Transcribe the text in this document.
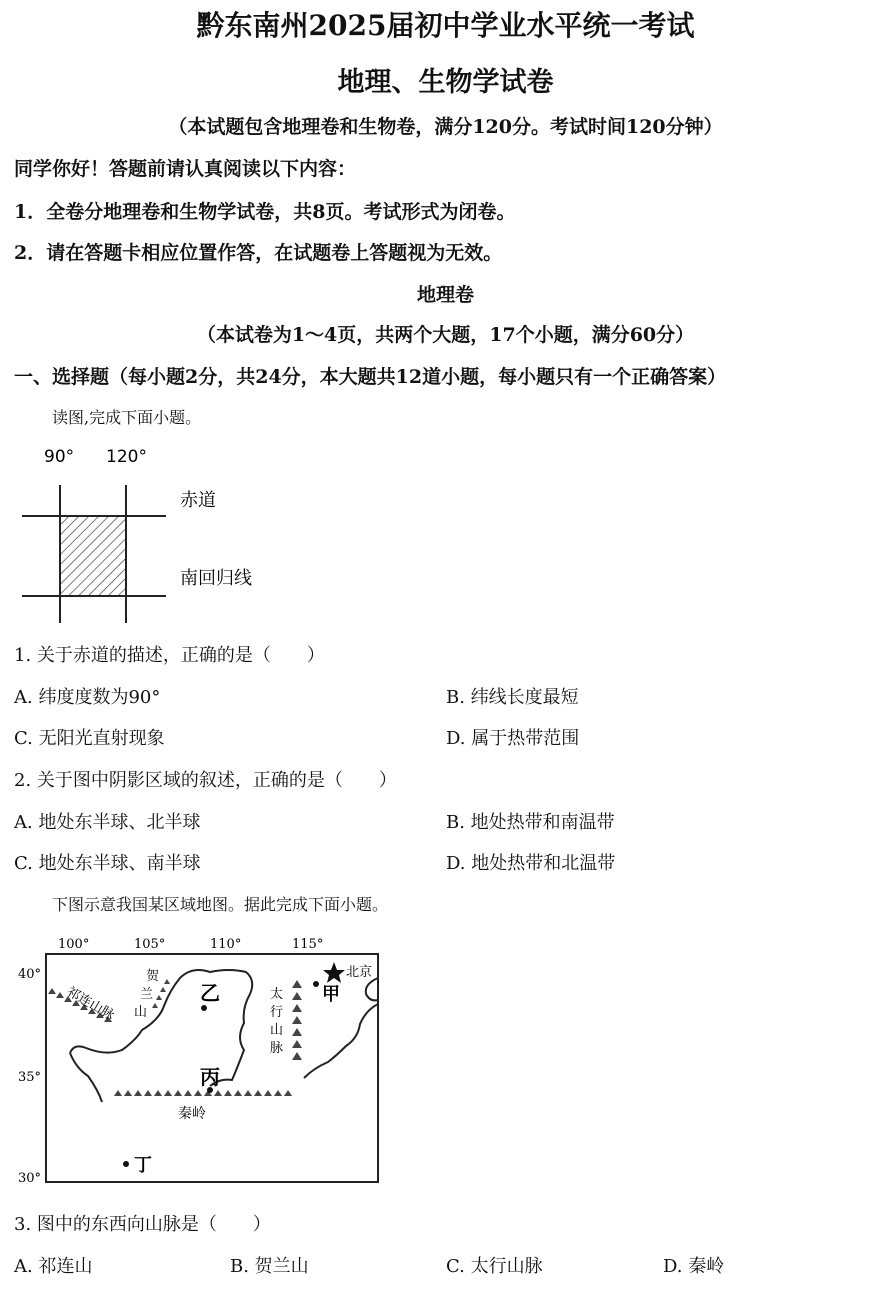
黔东南州2025届初中学业水平统一考试
地理、生物学试卷
（本试题包含地理卷和生物卷，满分120分。考试时间120分钟）
同学你好！答题前请认真阅读以下内容：
1．全卷分地理卷和生物学试卷，共8页。考试形式为闭卷。
2．请在答题卡相应位置作答，在试题卷上答题视为无效。
地理卷
（本试卷为1～4页，共两个大题，17个小题，满分60分）
一、选择题（每小题2分，共24分，本大题共12道小题，每小题只有一个正确答案）
读图,完成下面小题。
90° 120°
赤道
南回归线
1. 关于赤道的描述，正确的是（　　）
A. 纬度度数为90°	B. 纬线长度最短
C. 无阳光直射现象	D. 属于热带范围
2. 关于图中阴影区域的叙述，正确的是（　　）
A. 地处东半球、北半球	B. 地处热带和南温带
C. 地处东半球、南半球	D. 地处热带和北温带
下图示意我国某区域地图。据此完成下面小题。
100°	105°	110°	115°
40°
35°
30°
北京
甲
乙
丙
丁
祁连山脉
贺
兰
山
太
行
山
脉
秦岭
3. 图中的东西向山脉是（　　）
A. 祁连山	B. 贺兰山	C. 太行山脉	D. 秦岭
